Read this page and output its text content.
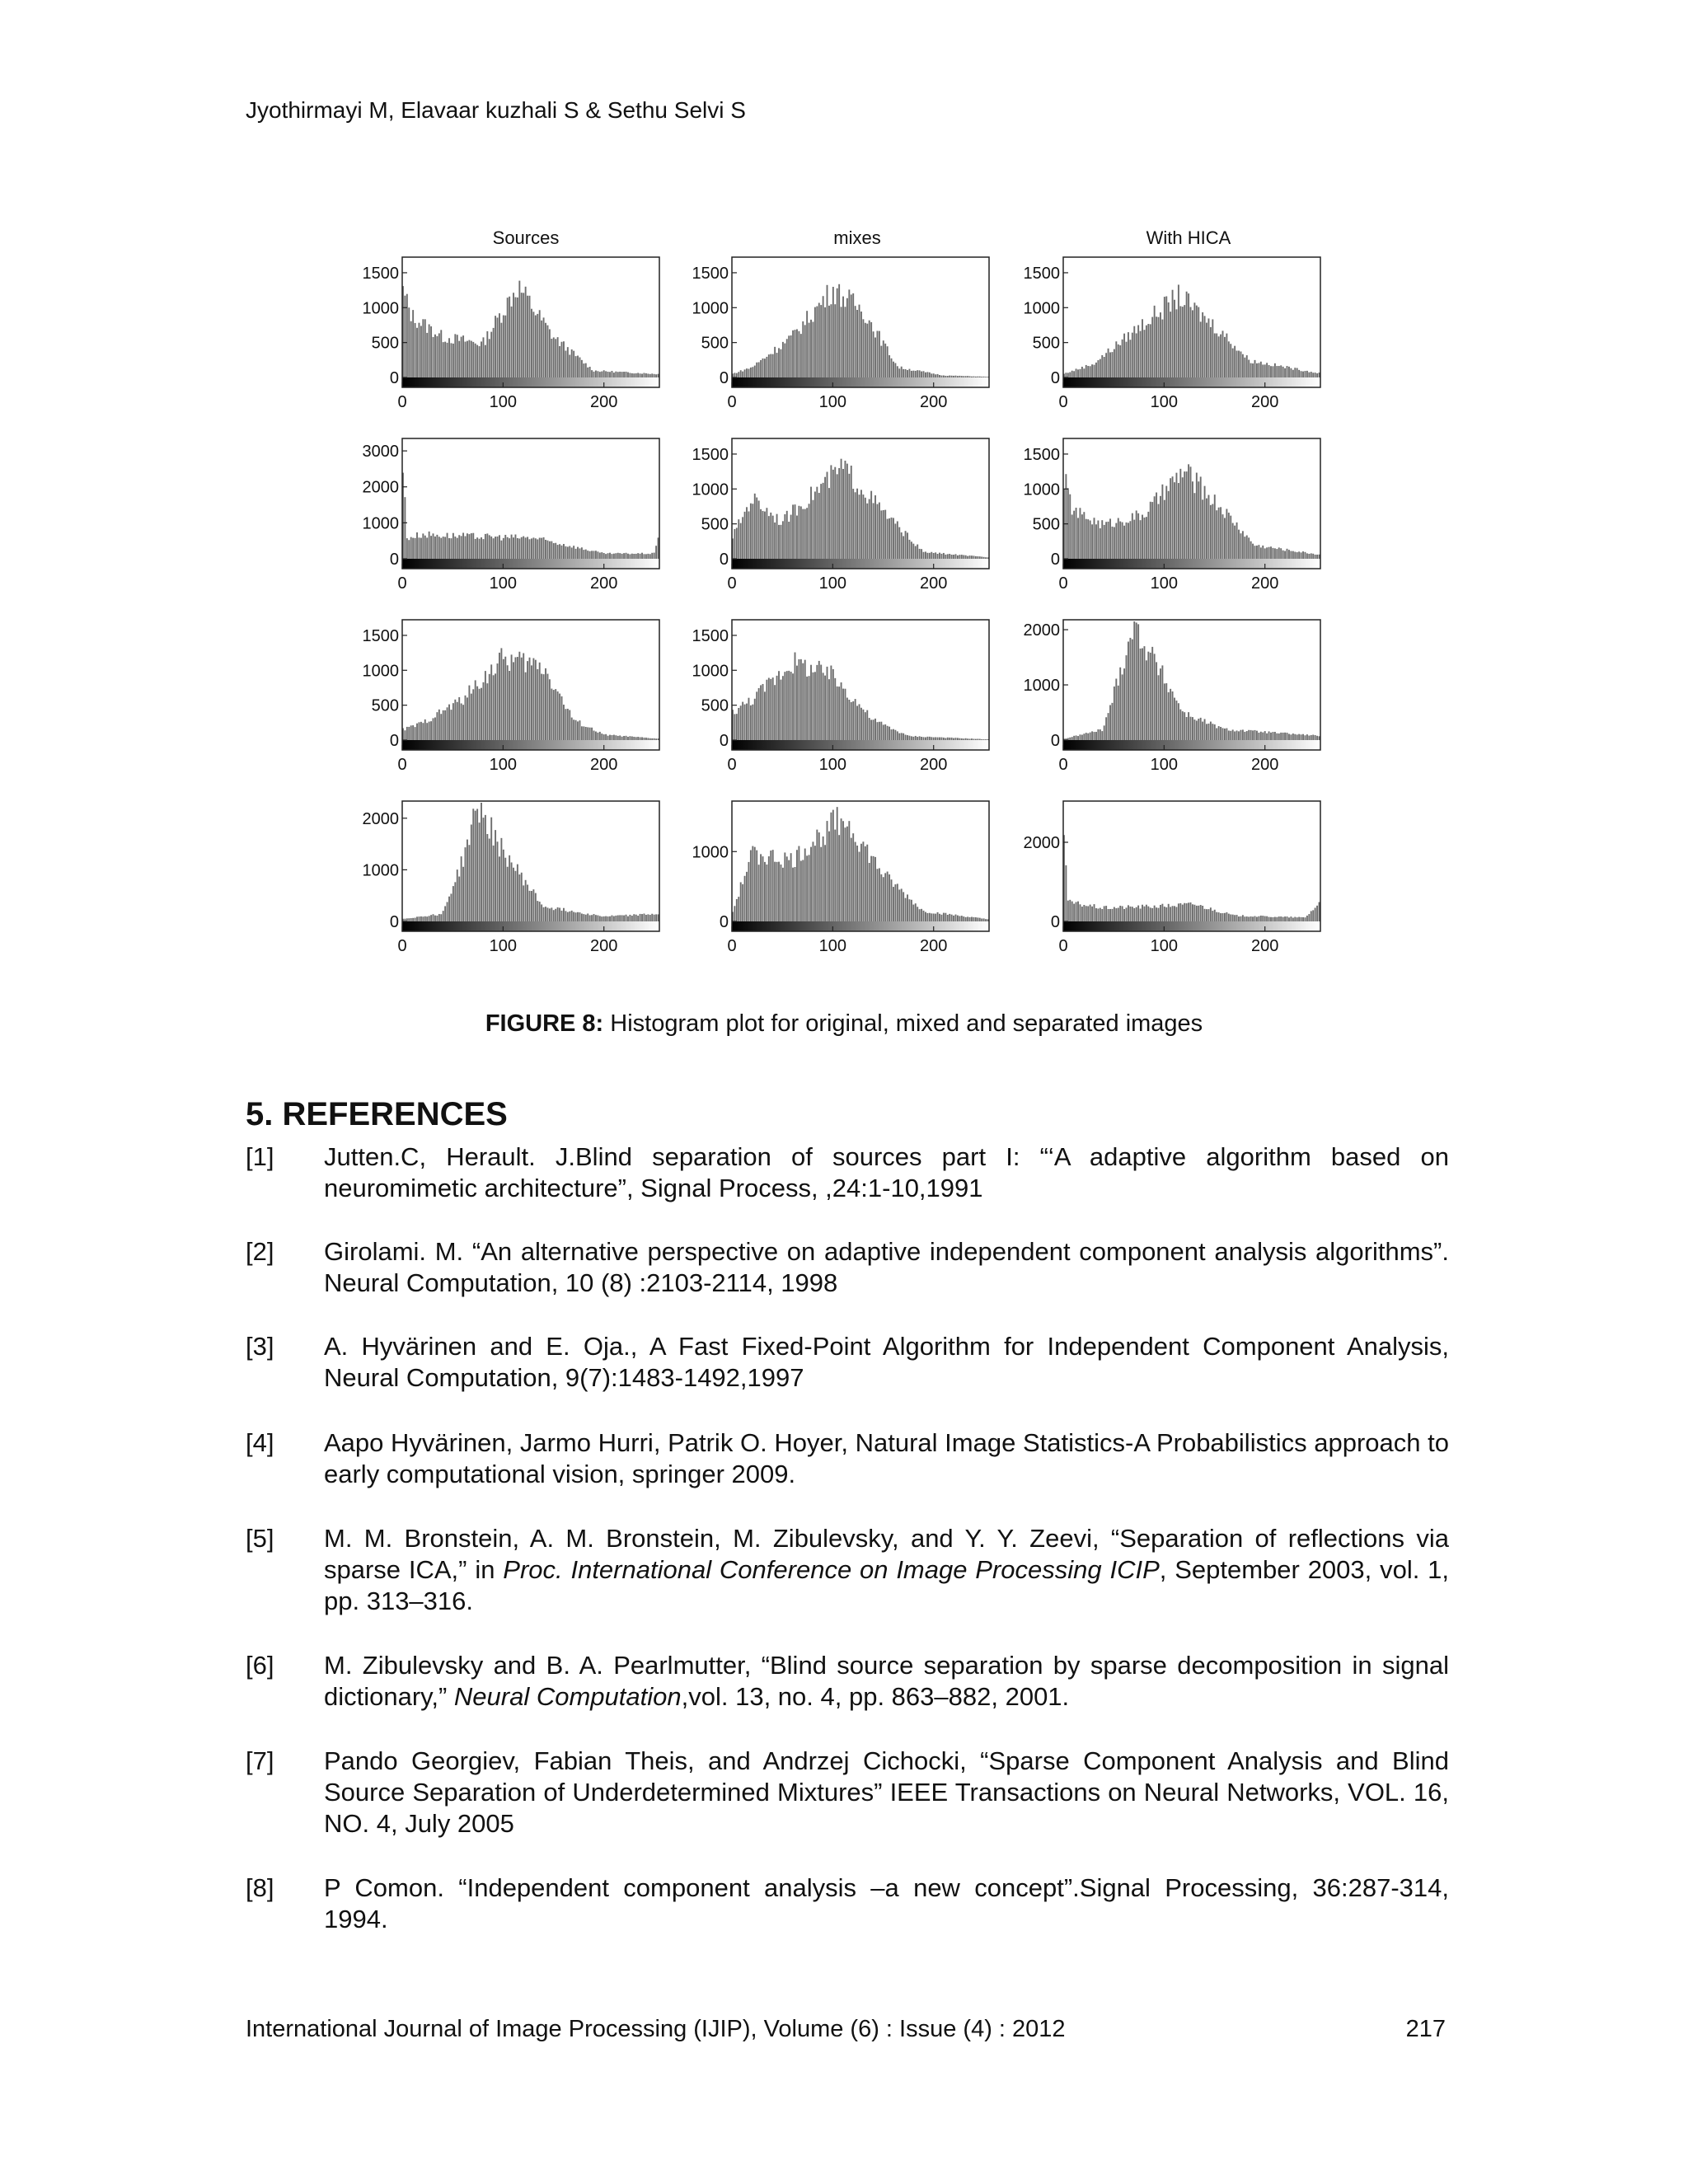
Jyothirmayi M, Elavaar kuzhali S & Sethu Selvi S
Sources	mixes	With HICA
0
500
1000
1500
0	100	200
0
500
1000
1500
0	100	200
0
500
1000
1500
0	100	200
0
1000
2000
3000
0	100	200
0
500
1000
1500
0	100	200
0
500
1000
1500
0	100	200
0
500
1000
1500
0	100	200
0
500
1000
1500
0	100	200
0
1000
2000
0	100	200
0
1000
2000
0	100	200
0
1000
0	100	200
0
2000
0	100	200
FIGURE 8: Histogram plot for original, mixed and separated images
5. REFERENCES
[1] Jutten.C, Herault. J.Blind separation of sources part I: “‘A adaptive algorithm based on neuromimetic architecture”, Signal Process, ,24:1-10,1991
[2] Girolami. M. “An alternative perspective on adaptive independent component analysis algorithms”. Neural Computation, 10 (8) :2103-2114, 1998
[3] A. Hyvärinen and E. Oja., A Fast Fixed-Point Algorithm for Independent Component Analysis, Neural Computation, 9(7):1483-1492,1997
[4] Aapo Hyvärinen, Jarmo Hurri, Patrik O. Hoyer, Natural Image Statistics-A Probabilistics approach to early computational vision, springer 2009.
[5] M. M. Bronstein, A. M. Bronstein, M. Zibulevsky, and Y. Y. Zeevi, “Separation of reflections via sparse ICA,” in Proc. International Conference on Image Processing ICIP, September 2003, vol. 1, pp. 313–316.
[6] M. Zibulevsky and B. A. Pearlmutter, “Blind source separation by sparse decomposition in signal dictionary,” Neural Computation,vol. 13, no. 4, pp. 863–882, 2001.
[7] Pando Georgiev, Fabian Theis, and Andrzej Cichocki, “Sparse Component Analysis and Blind Source Separation of Underdetermined Mixtures” IEEE Transactions on Neural Networks, VOL. 16, NO. 4, July 2005
[8] P Comon. “Independent component analysis –a new concept”.Signal Processing, 36:287-314, 1994.
International Journal of Image Processing (IJIP), Volume (6) : Issue (4) : 2012	217
